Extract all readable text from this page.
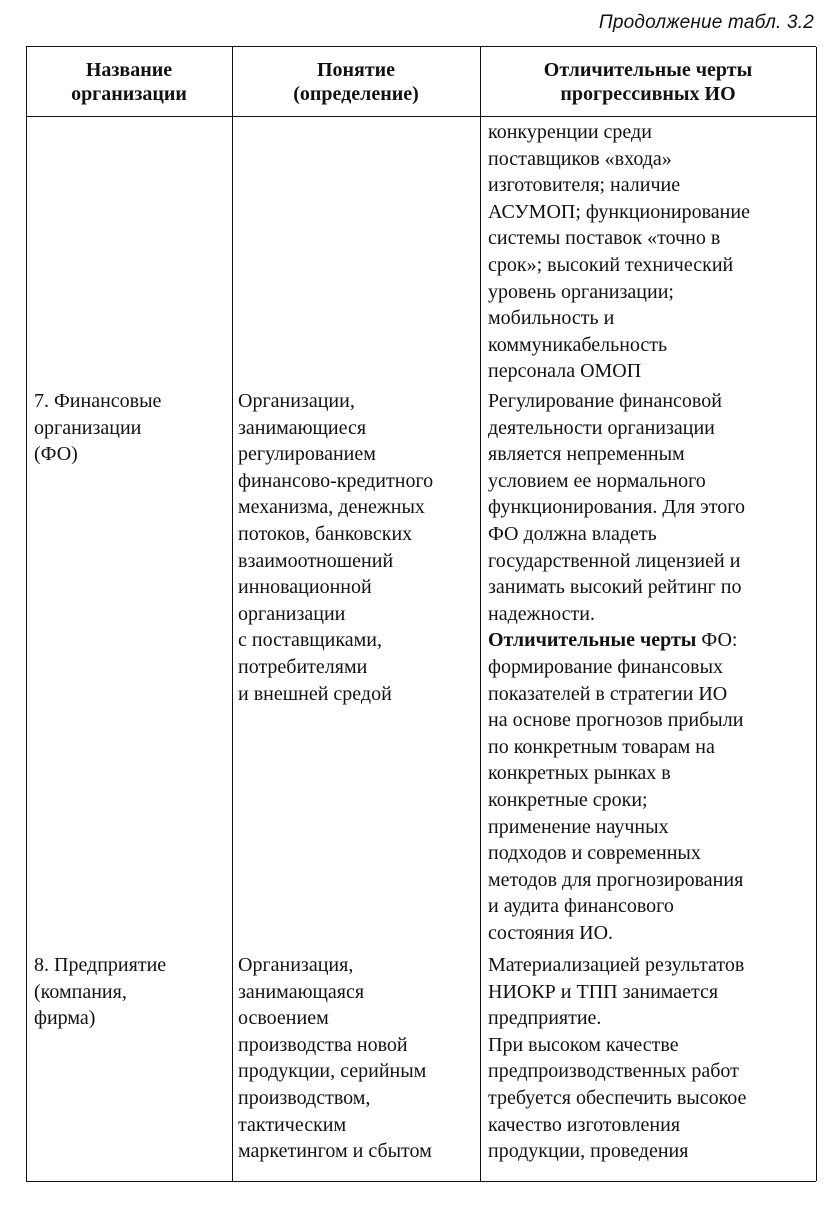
Продолжение табл. 3.2
Название
организации
Понятие
(определение)
Отличительные черты
прогрессивных ИО
конкуренции среди
поставщиков «входа»
изготовителя; наличие
АСУМОП; функционирование
системы поставок «точно в
срок»; высокий технический
уровень организации;
мобильность и
коммуникабельность
персонала ОМОП
7. Финансовые
организации
(ФО)
Организации,
занимающиеся
регулированием
финансово-кредитного
механизма, денежных
потоков, банковских
взаимоотношений
инновационной
организации
с поставщиками,
потребителями
и внешней средой
Регулирование финансовой
деятельности организации
является непременным
условием ее нормального
функционирования. Для этого
ФО должна владеть
государственной лицензией и
занимать высокий рейтинг по
надежности.
Отличительные черты ФО:
формирование финансовых
показателей в стратегии ИО
на основе прогнозов прибыли
по конкретным товарам на
конкретных рынках в
конкретные сроки;
применение научных
подходов и современных
методов для прогнозирования
и аудита финансового
состояния ИО.
8. Предприятие
(компания,
фирма)
Организация,
занимающаяся
освоением
производства новой
продукции, серийным
производством,
тактическим
маркетингом и сбытом
Материализацией результатов
НИОКР и ТПП занимается
предприятие.
При высоком качестве
предпроизводственных работ
требуется обеспечить высокое
качество изготовления
продукции, проведения
